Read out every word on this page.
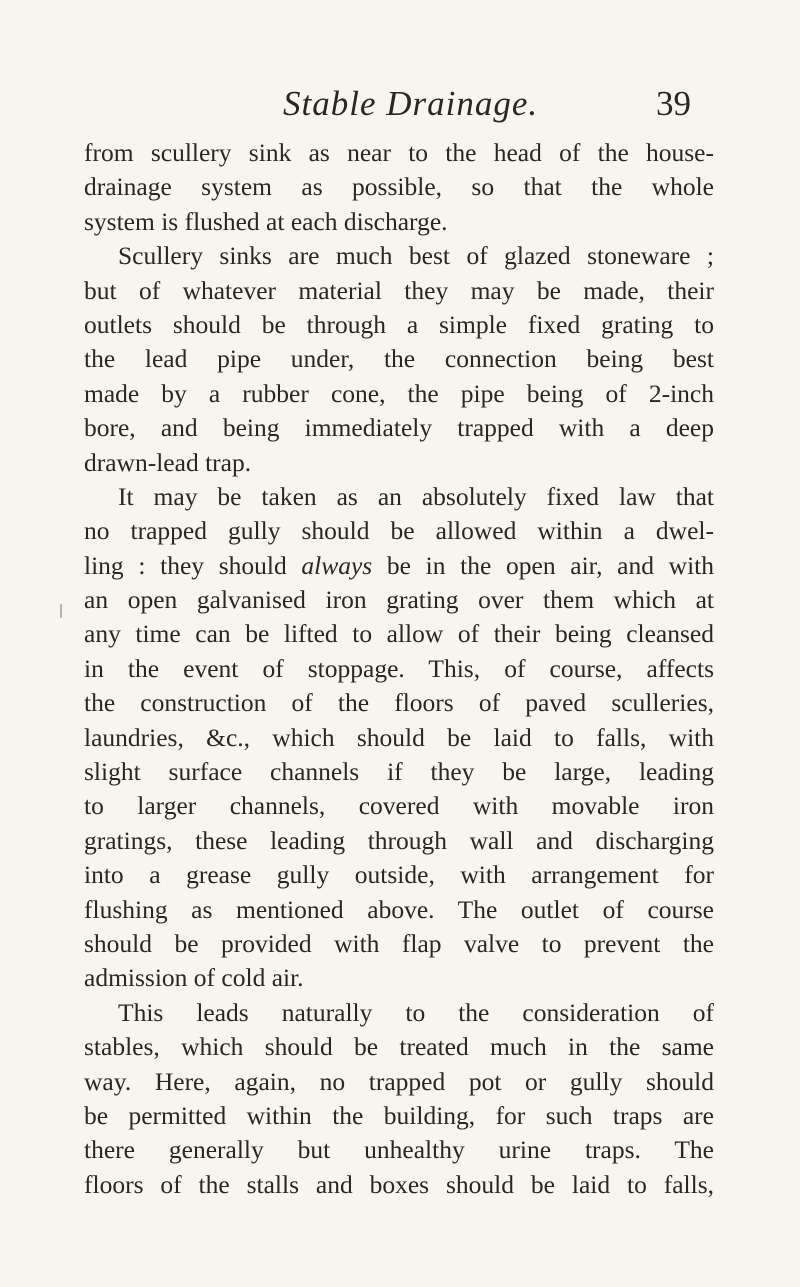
Stable Drainage.	39
from scullery sink as near to the head of the house-
drainage system as possible, so that the whole
system is flushed at each discharge.
Scullery sinks are much best of glazed stoneware ;
but of whatever material they may be made, their
outlets should be through a simple fixed grating to
the lead pipe under, the connection being best
made by a rubber cone, the pipe being of 2-inch
bore, and being immediately trapped with a deep
drawn-lead trap.
It may be taken as an absolutely fixed law that
no trapped gully should be allowed within a dwel-
ling : they should always be in the open air, and with
an open galvanised iron grating over them which at
any time can be lifted to allow of their being cleansed
in the event of stoppage. This, of course, affects
the construction of the floors of paved sculleries,
laundries, &c., which should be laid to falls, with
slight surface channels if they be large, leading
to larger channels, covered with movable iron
gratings, these leading through wall and discharging
into a grease gully outside, with arrangement for
flushing as mentioned above. The outlet of course
should be provided with flap valve to prevent the
admission of cold air.
This leads naturally to the consideration of
stables, which should be treated much in the same
way. Here, again, no trapped pot or gully should
be permitted within the building, for such traps are
there generally but unhealthy urine traps. The
floors of the stalls and boxes should be laid to falls,
